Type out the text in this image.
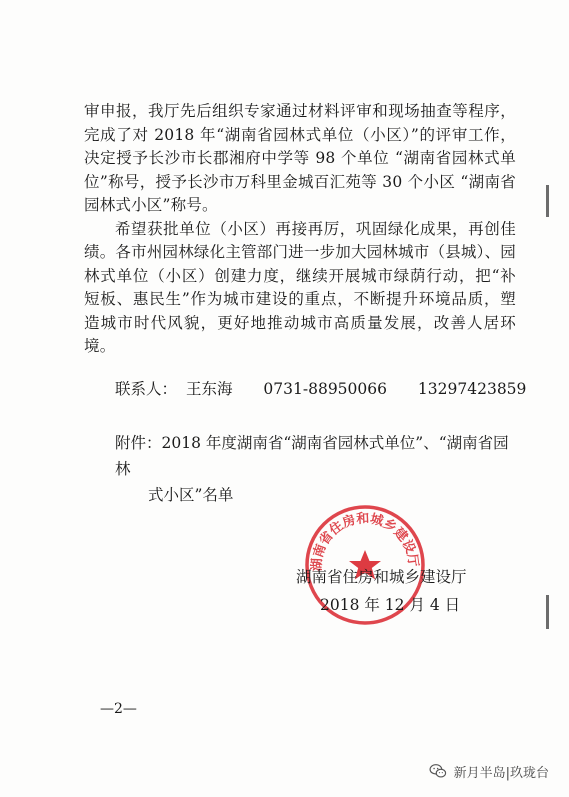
审申报，我厅先后组织专家通过材料评审和现场抽查等程序，完成了对 2018 年“湖南省园林式单位（小区）”的评审工作，决定授予长沙市长郡湘府中学等 98 个单位 “湖南省园林式单位”称号，授予长沙市万科里金城百汇苑等 30 个小区 “湖南省园林式小区”称号。

希望获批单位（小区）再接再厉，巩固绿化成果，再创佳绩。各市州园林绿化主管部门进一步加大园林城市（县城）、园林式单位（小区）创建力度，继续开展城市绿荫行动，把“补短板、惠民生”作为城市建设的重点，不断提升环境品质，塑造城市时代风貌，更好地推动城市高质量发展，改善人居环境。

联系人： 王东海 0731-88950066 13297423859
附件：2018 年度湖南省“湖南省园林式单位”、“湖南省园林
式小区”名单
湖南省住房和城乡建设厅
湖南省住房和城乡建设厅
2018 年 12 月 4 日
—2—
新月半岛|玖珑台
